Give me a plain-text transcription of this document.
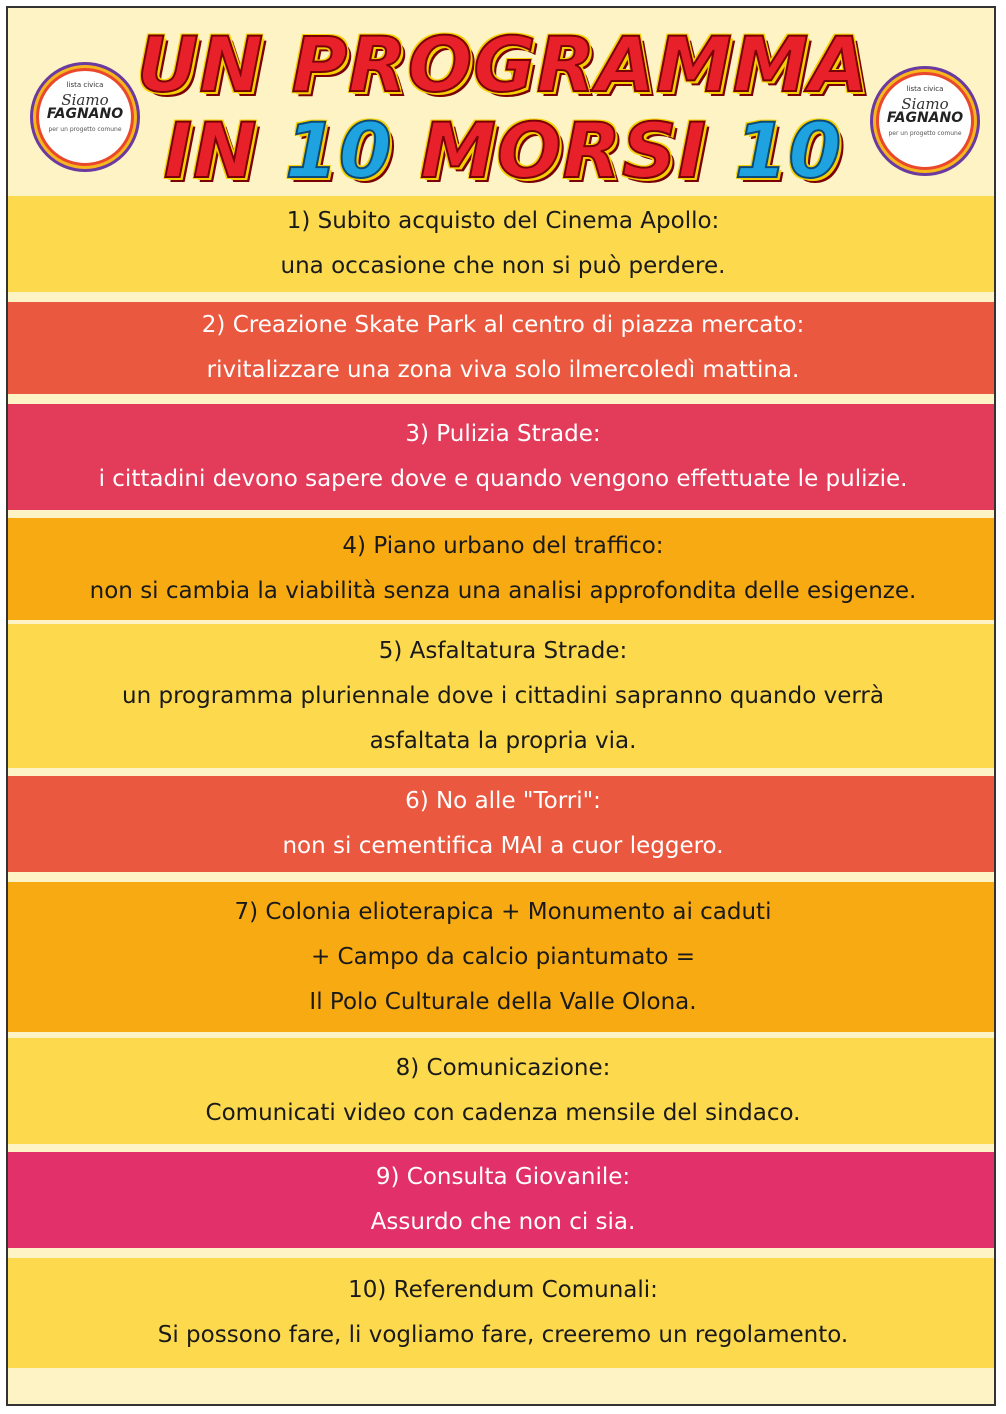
lista civica
Siamo
FAGNANO
per un progetto comune
UN PROGRAMMA
IN 10 MORSI 10
lista civica
Siamo
FAGNANO
per un progetto comune

1) Subito acquisto del Cinema Apollo:

una occasione che non si può perdere.

2) Creazione Skate Park al centro di piazza mercato:

rivitalizzare una zona viva solo ilmercoledì mattina.

3) Pulizia Strade:

i cittadini devono sapere dove e quando vengono effettuate le pulizie.

4) Piano urbano del traffico:

non si cambia la viabilità senza una analisi approfondita delle esigenze.

5) Asfaltatura Strade:

un programma pluriennale dove i cittadini sapranno quando verrà

asfaltata la propria via.

6) No alle "Torri":

non si cementifica MAI a cuor leggero.

7) Colonia elioterapica + Monumento ai caduti

+ Campo da calcio piantumato =

Il Polo Culturale della Valle Olona.

8) Comunicazione:

Comunicati video con cadenza mensile del sindaco.

9) Consulta Giovanile:

Assurdo che non ci sia.

10) Referendum Comunali:

Si possono fare, li vogliamo fare, creeremo un regolamento.
